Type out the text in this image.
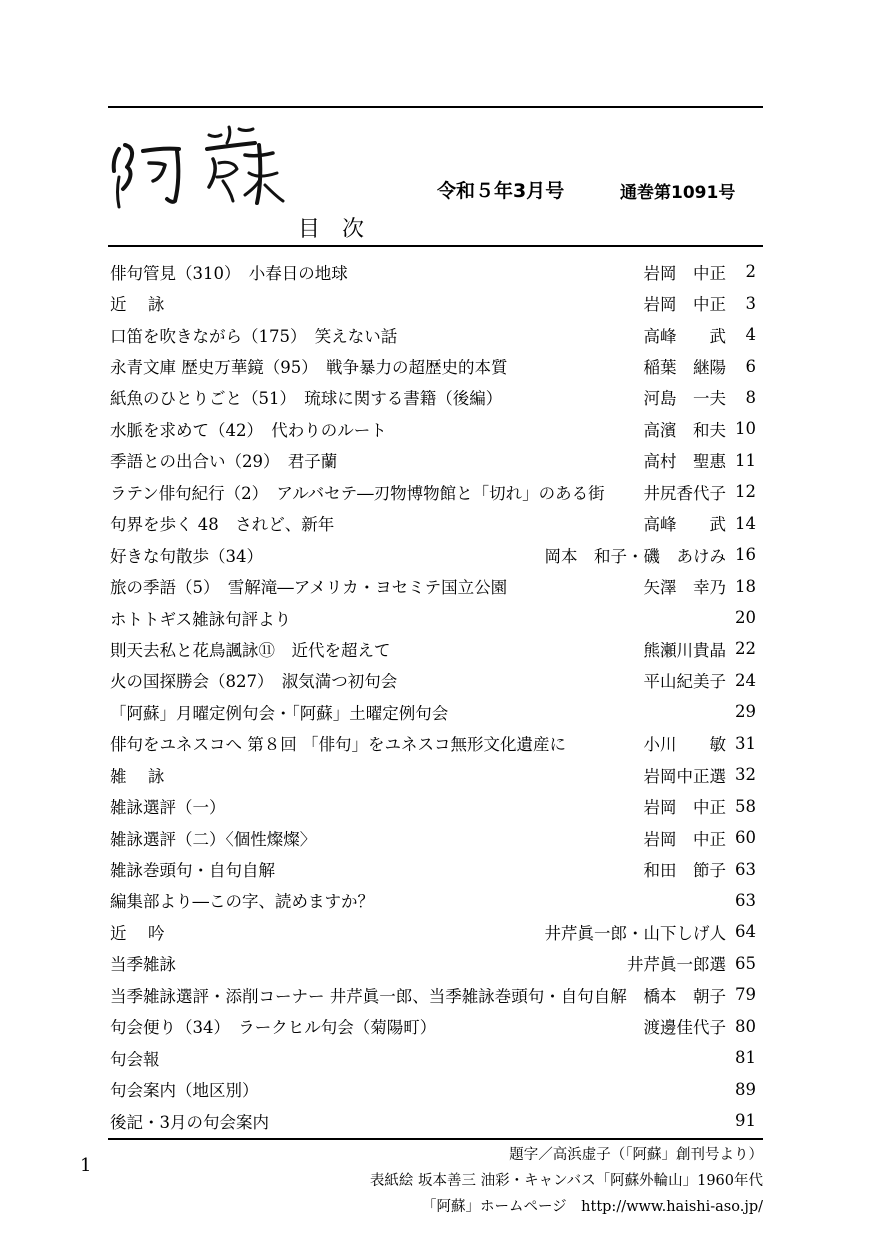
令和５年3月号	通巻第1091号
目次
俳句管見（310）　小春日の地球	岩岡　中正	2
近詠	岩岡　中正	3
口笛を吹きながら（175）　笑えない話	高峰　　武	4
永青文庫 歴史万華鏡（95）　戦争暴力の超歴史的本質	稲葉　継陽	6
紙魚のひとりごと（51）　琉球に関する書籍（後編）	河島　一夫	8
水脈を求めて（42）　代わりのルート	高濱　和夫 10
季語との出合い（29）　君子蘭	高村　聖惠 11
ラテン俳句紀行（2）　アルバセテ―刃物博物館と「切れ」のある街	井尻香代子 12
句界を歩く 48　されど、新年	高峰　　武 14
好きな句散歩（34）	岡本　和子・磯　あけみ 16
旅の季語（5）　雪解滝―アメリカ・ヨセミテ国立公園	矢澤　幸乃 18
ホトトギス雑詠句評より	20
則天去私と花鳥諷詠⑪　近代を超えて	熊瀬川貴晶 22
火の国探勝会（827）　淑気満つ初句会	平山紀美子 24
「阿蘇」月曜定例句会・「阿蘇」土曜定例句会	29
俳句をユネスコへ 第８回 「俳句」をユネスコ無形文化遺産に	小川　　敏 31
雑詠	岩岡中正選 32
雑詠選評（一）	岩岡　中正 58
雑詠選評（二）〈個性燦燦〉	岩岡　中正 60
雑詠巻頭句・自句自解	和田　節子 63
編集部より―この字、読めますか？	63
近吟	井芹眞一郎・山下しげ人 64
当季雑詠	井芹眞一郎選 65
当季雑詠選評・添削コーナー 井芹眞一郎、当季雑詠巻頭句・自句自解	橋本　朝子 79
句会便り（34）　ラークヒル句会（菊陽町）	渡邊佳代子 80
句会報	81
句会案内（地区別）	89
後記・3月の句会案内	91
題字／高浜虚子（「阿蘇」創刊号より）
表紙絵 坂本善三 油彩・キャンバス「阿蘇外輪山」1960年代
「阿蘇」ホームページ　http://www.haishi-aso.jp/
1
